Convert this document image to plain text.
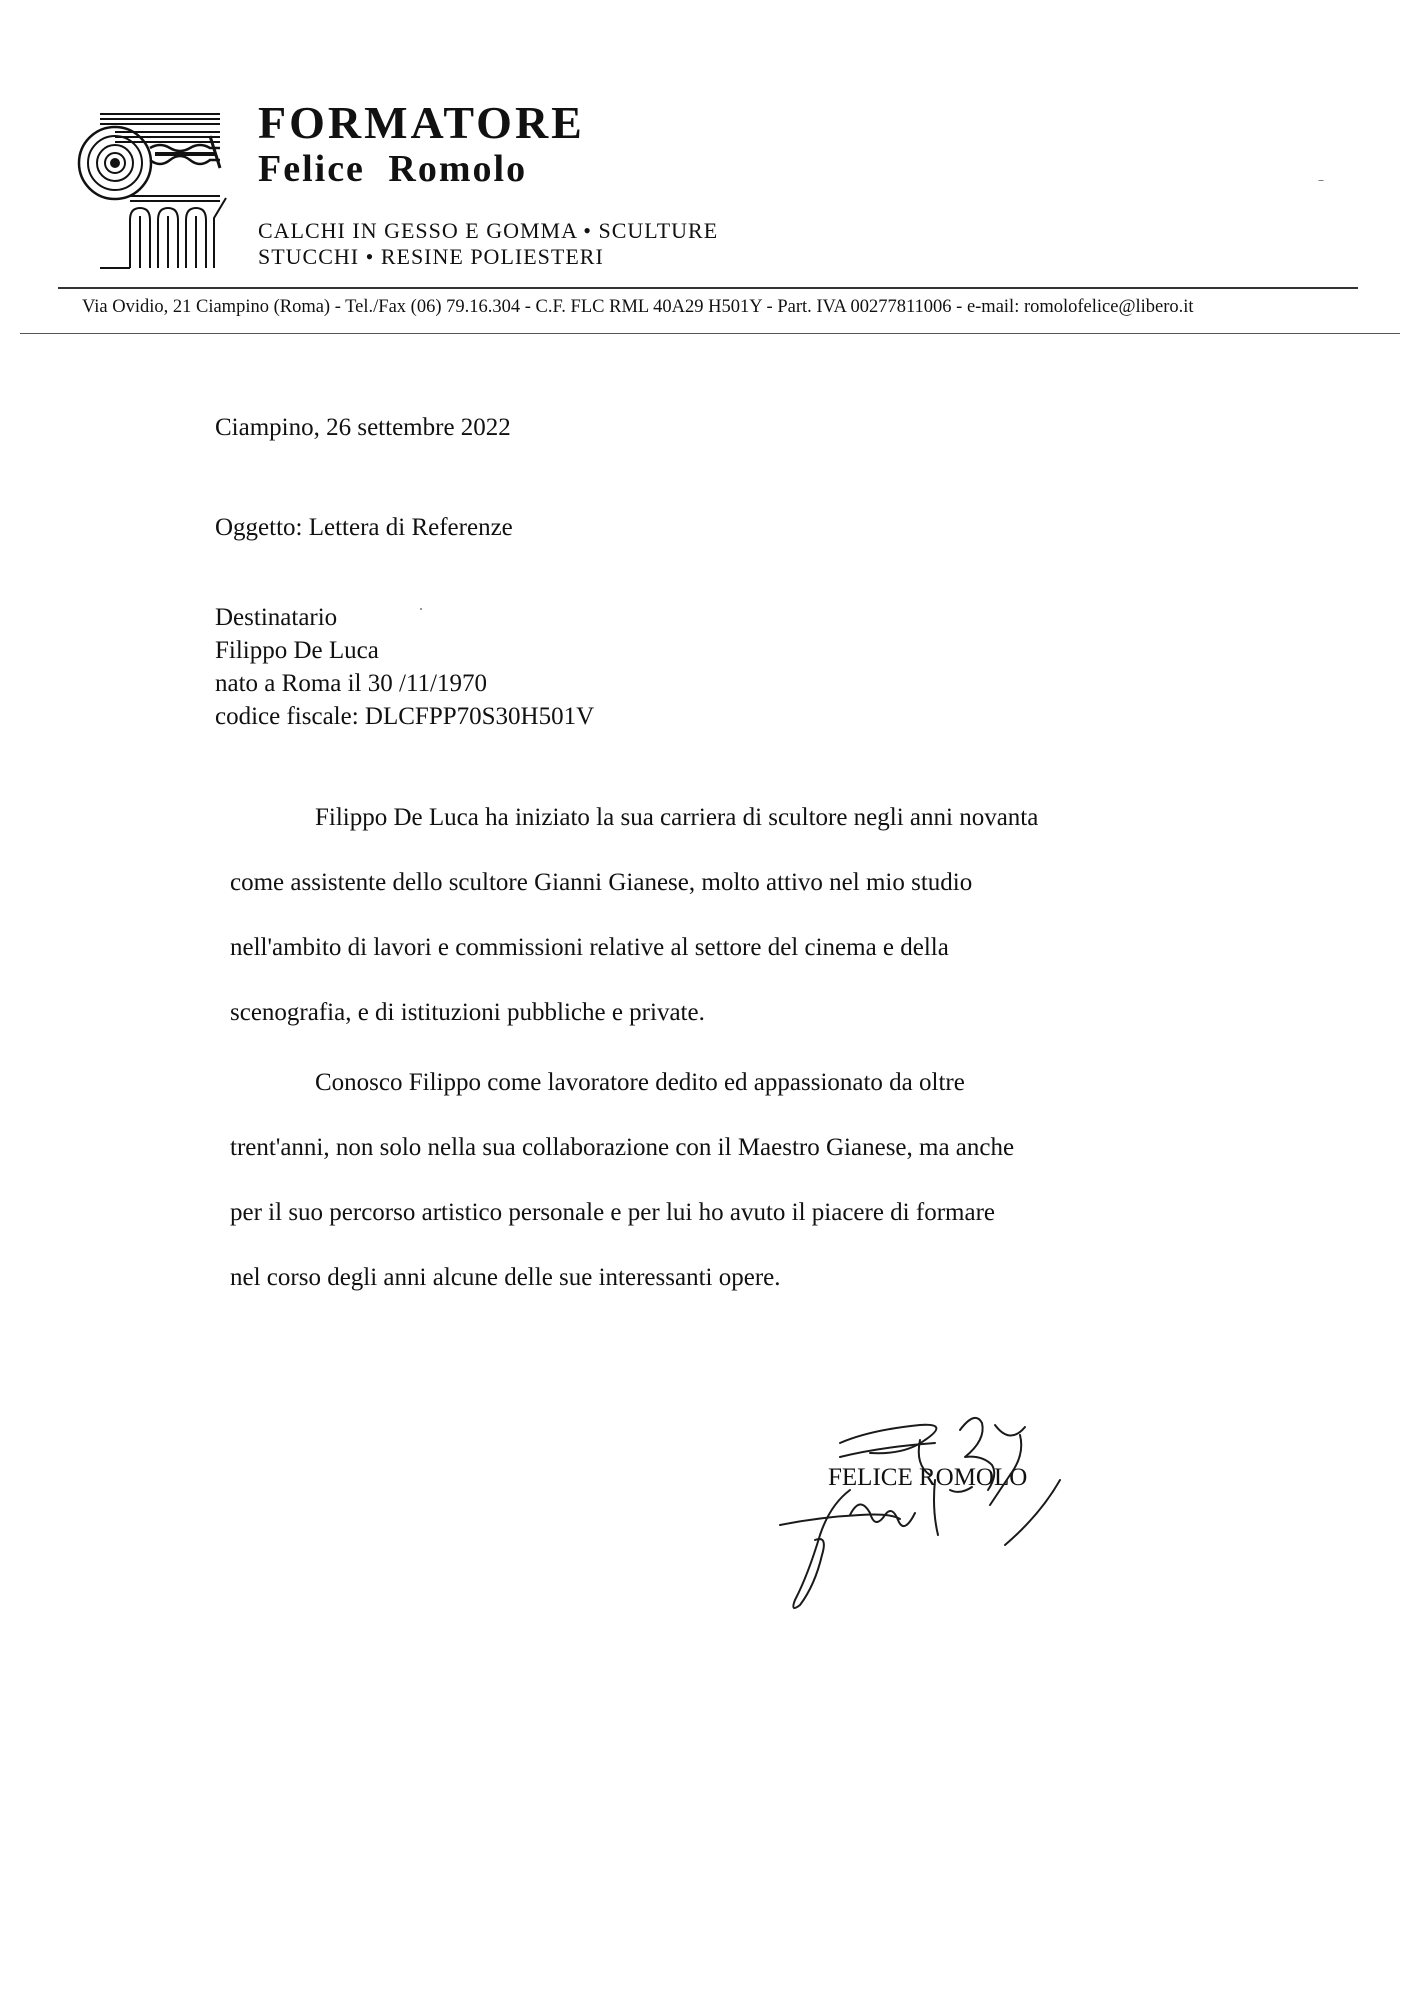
FORMATORE
Felice Romolo
CALCHI IN GESSO E GOMMA • SCULTURE
STUCCHI • RESINE POLIESTERI
Via Ovidio, 21 Ciampino (Roma) - Tel./Fax (06) 79.16.304 - C.F. FLC RML 40A29 H501Y - Part. IVA 00277811006 - e-mail: romolofelice@libero.it
Ciampino, 26 settembre 2022
Oggetto: Lettera di Referenze
Destinatario
Filippo De Luca
nato a Roma il 30 /11/1970
codice fiscale: DLCFPP70S30H501V
Filippo De Luca ha iniziato la sua carriera di scultore negli anni novanta
come assistente dello scultore Gianni Gianese, molto attivo nel mio studio
nell'ambito di lavori e commissioni relative al settore del cinema e della
scenografia, e di istituzioni pubbliche e private.
Conosco Filippo come lavoratore dedito ed appassionato da oltre
trent'anni, non solo nella sua collaborazione con il Maestro Gianese, ma anche
per il suo percorso artistico personale e per lui ho avuto il piacere di formare
nel corso degli anni alcune delle sue interessanti opere.
FELICE ROMOLO
